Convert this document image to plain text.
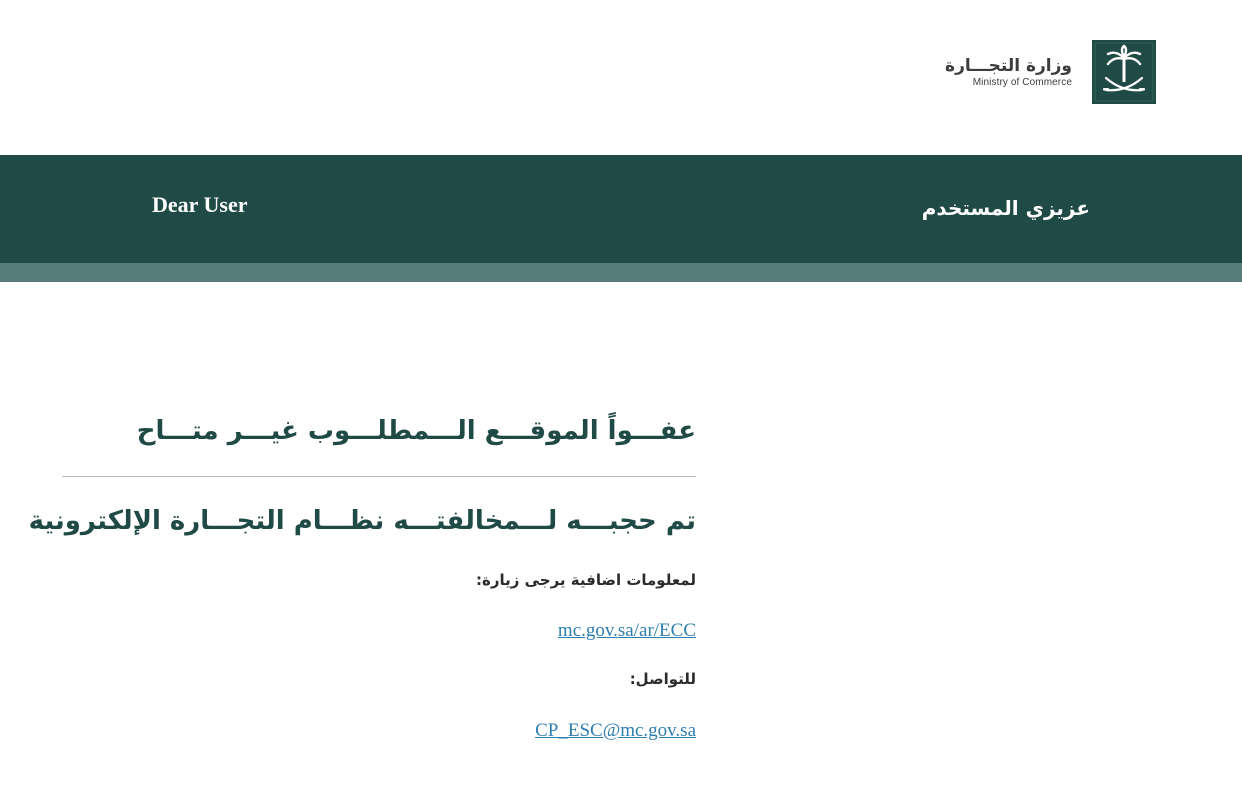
وزارة التجـــارة
Ministry of Commerce
Dear User	عزيزي المستخدم
عفـــواً الموقـــع الـــمطلـــوب غيـــر متـــاح
تم حجبـــه لـــمخالفتـــه نظـــام التجـــارة الإلكترونية
لمعلومات اضافية يرجى زيارة:
mc.gov.sa/ar/ECC
للتواصل:
CP_ESC@mc.gov.sa
